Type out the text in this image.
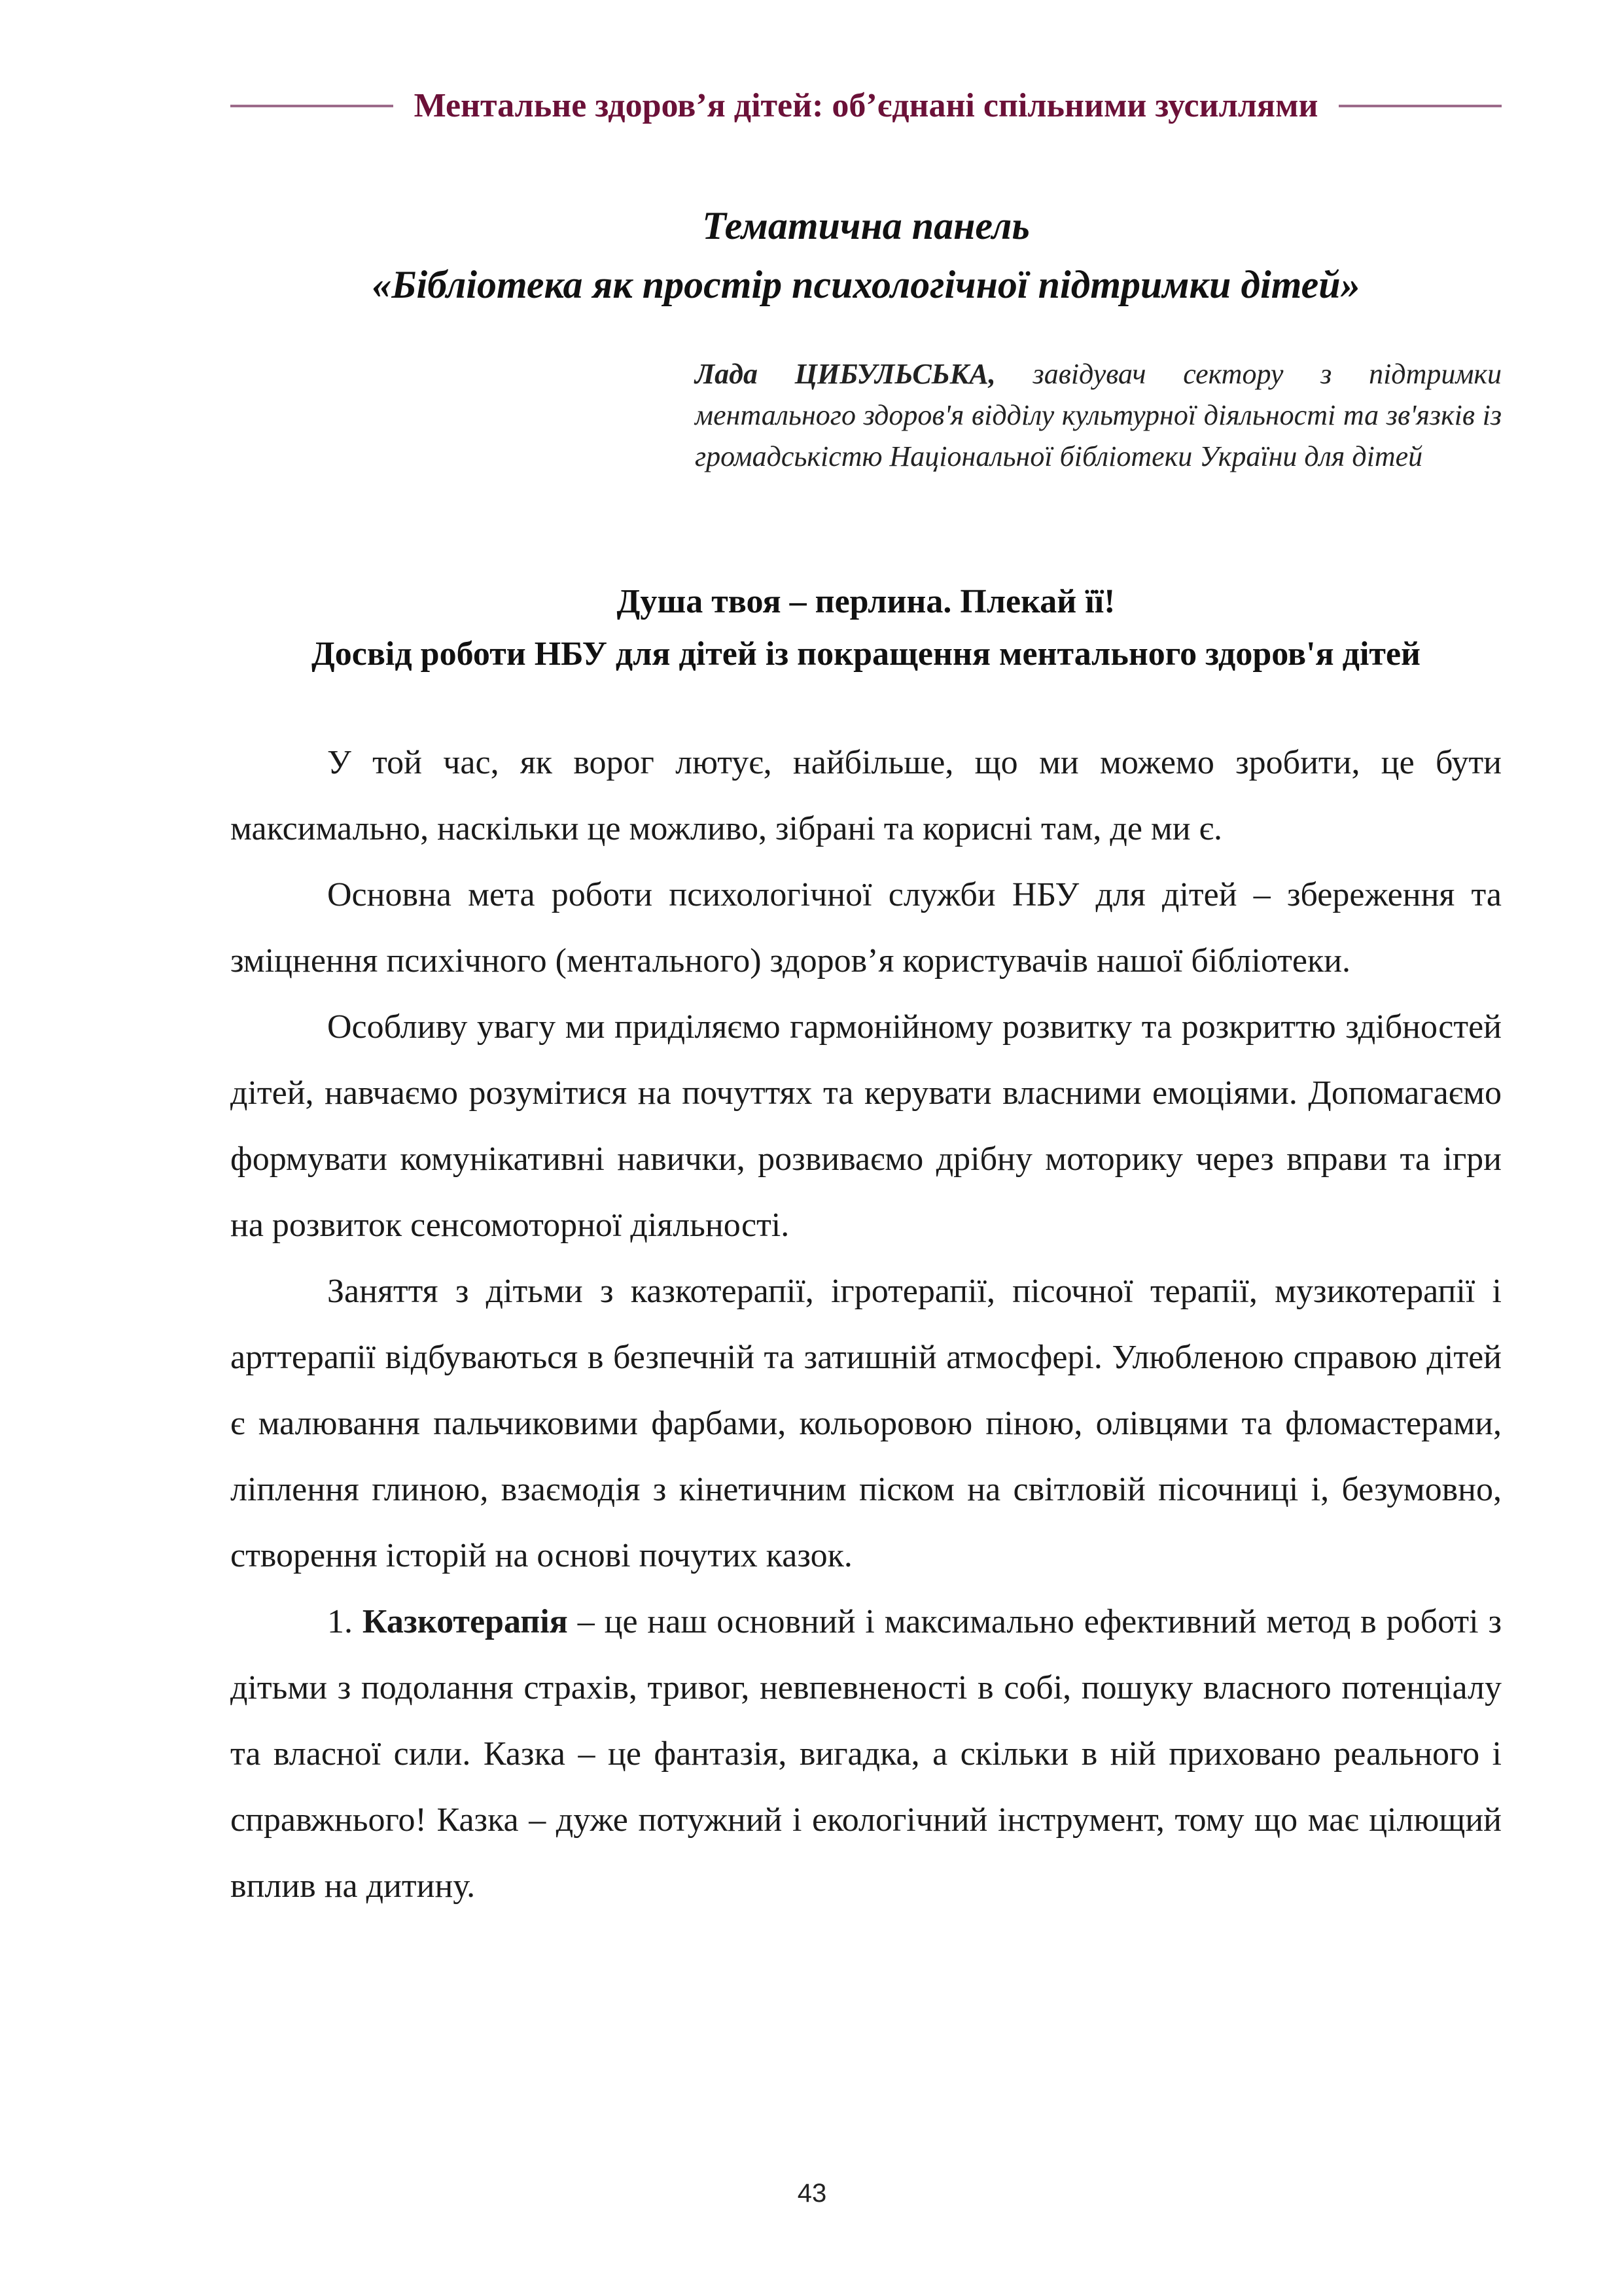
Ментальне здоров’я дітей: об’єднані спільними зусиллями
Тематична панель
«Бібліотека як простір психологічної підтримки дітей»
Лада ЦИБУЛЬСЬКА, завідувач сектору з підтримки ментального здоров'я відділу культурної діяльності та зв'язків із громадськістю Національної бібліотеки України для дітей
Душа твоя – перлина. Плекай її!
Досвід роботи НБУ для дітей із покращення ментального здоров'я дітей

У той час, як ворог лютує, найбільше, що ми можемо зробити, це бути максимально, наскільки це можливо, зібрані та корисні там, де ми є.

Основна мета роботи психологічної служби НБУ для дітей – збереження та зміцнення психічного (ментального) здоров’я користувачів нашої бібліотеки.

Особливу увагу ми приділяємо гармонійному розвитку та розкриттю здібностей дітей, навчаємо розумітися на почуттях та керувати власними емоціями. Допомагаємо формувати комунікативні навички, розвиваємо дрібну моторику через вправи та ігри на розвиток сенсомоторної діяльності.

Заняття з дітьми з казкотерапії, ігротерапії, пісочної терапії, музикотерапії і арттерапії відбуваються в безпечній та затишній атмосфері. Улюбленою справою дітей є малювання пальчиковими фарбами, кольоровою піною, олівцями та фломастерами, ліплення глиною, взаємодія з кінетичним піском на світловій пісочниці і, безумовно, створення історій на основі почутих казок.

1. Казкотерапія – це наш основний і максимально ефективний метод в роботі з дітьми з подолання страхів, тривог, невпевненості в собі, пошуку власного потенціалу та власної сили. Казка – це фантазія, вигадка, а скільки в ній приховано реального і справжнього! Казка – дуже потужний і екологічний інструмент, тому що має цілющий вплив на дитину.

43
